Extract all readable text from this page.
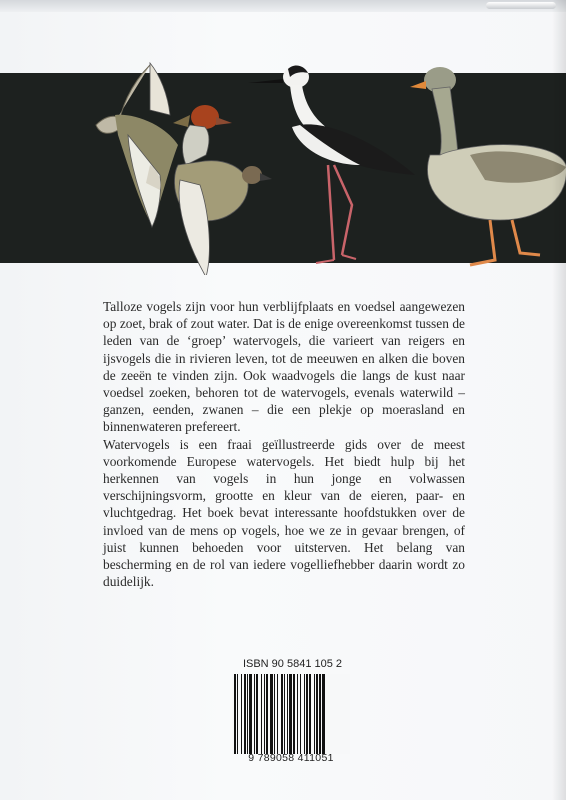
Talloze vogels zijn voor hun verblijfplaats en voedsel aangewezen op zoet, brak of zout water. Dat is de enige overeenkomst tussen de leden van de ‘groep’ watervogels, die varieert van reigers en ijsvogels die in rivieren leven, tot de meeuwen en alken die boven de zeeën te vinden zijn. Ook waadvogels die langs de kust naar voedsel zoeken, behoren tot de watervogels, evenals waterwild – ganzen, eenden, zwanen – die een plekje op moerasland en binnenwateren prefereert.

Watervogels is een fraai geïllustreerde gids over de meest voorkomende Europese watervogels. Het biedt hulp bij het herkennen van vogels in hun jonge en volwassen verschijningsvorm, grootte en kleur van de eieren, paar- en vluchtgedrag. Het boek bevat interessante hoofdstukken over de invloed van de mens op vogels, hoe we ze in gevaar brengen, of juist kunnen behoeden voor uitsterven. Het belang van bescherming en de rol van iedere vogelliefhebber daarin wordt zo duidelijk.

ISBN 90 5841 105 2
9 789058 411051
